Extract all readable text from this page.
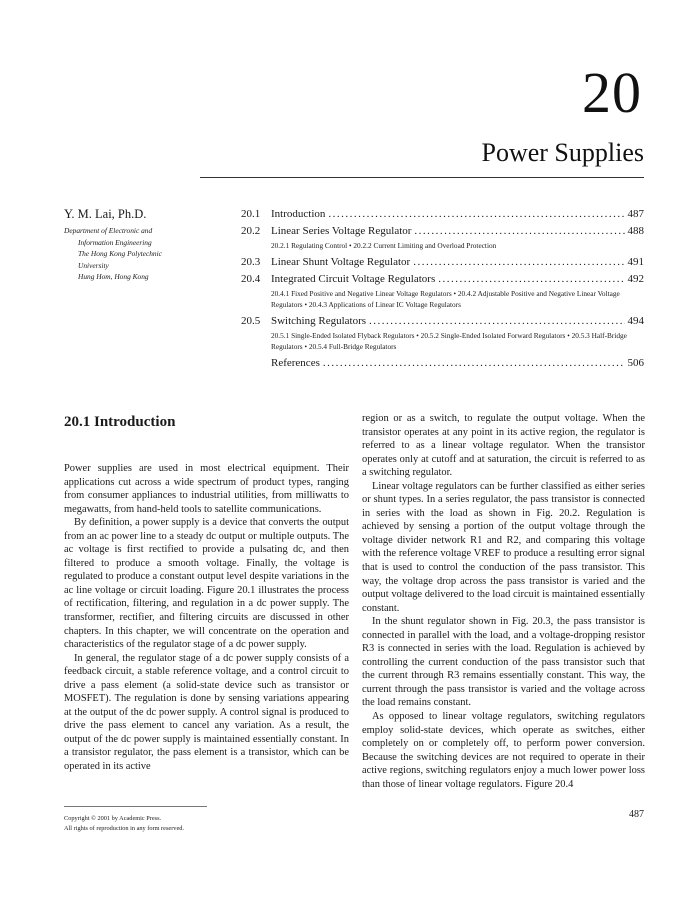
20
Power Supplies
Y. M. Lai, Ph.D.
Department of Electronic and
Information Engineering
The Hong Kong Polytechnic
University
Hung Hom, Hong Kong
20.1 Introduction .....	487
20.2 Linear Series Voltage Regulator .....	488
20.2.1 Regulating Control • 20.2.2 Current Limiting and Overload Protection
20.3 Linear Shunt Voltage Regulator .....	491
20.4 Integrated Circuit Voltage Regulators .....	492
20.4.1 Fixed Positive and Negative Linear Voltage Regulators • 20.4.2 Adjustable Positive and Negative Linear Voltage Regulators • 20.4.3 Applications of Linear IC Voltage Regulators
20.5 Switching Regulators .....	494
20.5.1 Single-Ended Isolated Flyback Regulators • 20.5.2 Single-Ended Isolated Forward Regulators • 20.5.3 Half-Bridge Regulators • 20.5.4 Full-Bridge Regulators
References .....	506
20.1 Introduction

Power supplies are used in most electrical equipment. Their applications cut across a wide spectrum of product types, ranging from consumer appliances to industrial utilities, from milliwatts to megawatts, from hand-held tools to satellite communications.

By definition, a power supply is a device that converts the output from an ac power line to a steady dc output or multiple outputs. The ac voltage is first rectified to provide a pulsating dc, and then filtered to produce a smooth voltage. Finally, the voltage is regulated to produce a constant output level despite variations in the ac line voltage or circuit loading. Figure 20.1 illustrates the process of rectification, filtering, and regulation in a dc power supply. The transformer, rectifier, and filtering circuits are discussed in other chapters. In this chapter, we will concentrate on the operation and characteristics of the regulator stage of a dc power supply.

In general, the regulator stage of a dc power supply consists of a feedback circuit, a stable reference voltage, and a control circuit to drive a pass element (a solid-state device such as transistor or MOSFET). The regulation is done by sensing variations appearing at the output of the dc power supply. A control signal is produced to drive the pass element to cancel any variation. As a result, the output of the dc power supply is maintained essentially constant. In a transistor regulator, the pass element is a transistor, which can be operated in its active

region or as a switch, to regulate the output voltage. When the transistor operates at any point in its active region, the regulator is referred to as a linear voltage regulator. When the transistor operates only at cutoff and at saturation, the circuit is referred to as a switching regulator.

Linear voltage regulators can be further classified as either series or shunt types. In a series regulator, the pass transistor is connected in series with the load as shown in Fig. 20.2. Regulation is achieved by sensing a portion of the output voltage through the voltage divider network R1 and R2, and comparing this voltage with the reference voltage VREF to produce a resulting error signal that is used to control the conduction of the pass transistor. This way, the voltage drop across the pass transistor is varied and the output voltage delivered to the load circuit is maintained essentially constant.

In the shunt regulator shown in Fig. 20.3, the pass transistor is connected in parallel with the load, and a voltage-dropping resistor R3 is connected in series with the load. Regulation is achieved by controlling the current conduction of the pass transistor such that the current through R3 remains essentially constant. This way, the current through the pass transistor is varied and the voltage across the load remains constant.

As opposed to linear voltage regulators, switching regulators employ solid-state devices, which operate as switches, either completely on or completely off, to perform power conversion. Because the switching devices are not required to operate in their active regions, switching regulators enjoy a much lower power loss than those of linear voltage regulators. Figure 20.4

Copyright © 2001 by Academic Press.
All rights of reproduction in any form reserved.
487
